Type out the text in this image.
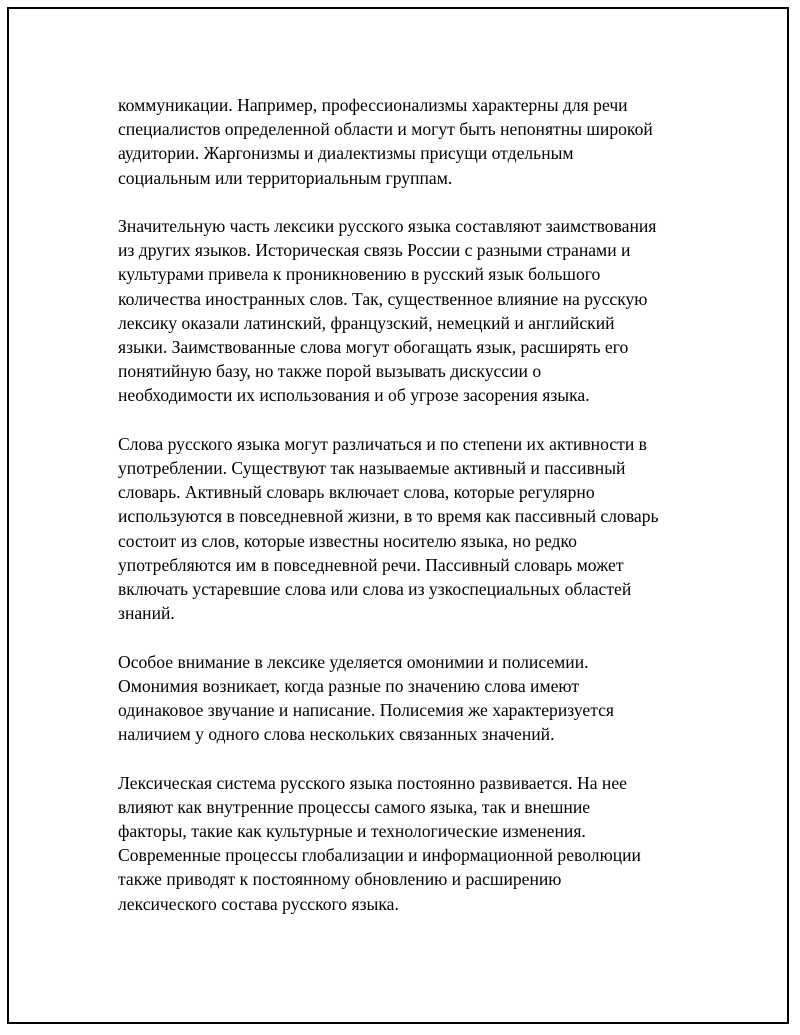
коммуникации. Например, профессионализмы характерны для речи
специалистов определенной области и могут быть непонятны широкой
аудитории. Жаргонизмы и диалектизмы присущи отдельным
социальным или территориальным группам.

Значительную часть лексики русского языка составляют заимствования
из других языков. Историческая связь России с разными странами и
культурами привела к проникновению в русский язык большого
количества иностранных слов. Так, существенное влияние на русскую
лексику оказали латинский, французский, немецкий и английский
языки. Заимствованные слова могут обогащать язык, расширять его
понятийную базу, но также порой вызывать дискуссии о
необходимости их использования и об угрозе засорения языка.

Слова русского языка могут различаться и по степени их активности в
употреблении. Существуют так называемые активный и пассивный
словарь. Активный словарь включает слова, которые регулярно
используются в повседневной жизни, в то время как пассивный словарь
состоит из слов, которые известны носителю языка, но редко
употребляются им в повседневной речи. Пассивный словарь может
включать устаревшие слова или слова из узкоспециальных областей
знаний.

Особое внимание в лексике уделяется омонимии и полисемии.
Омонимия возникает, когда разные по значению слова имеют
одинаковое звучание и написание. Полисемия же характеризуется
наличием у одного слова нескольких связанных значений.

Лексическая система русского языка постоянно развивается. На нее
влияют как внутренние процессы самого языка, так и внешние
факторы, такие как культурные и технологические изменения.
Современные процессы глобализации и информационной революции
также приводят к постоянному обновлению и расширению
лексического состава русского языка.
